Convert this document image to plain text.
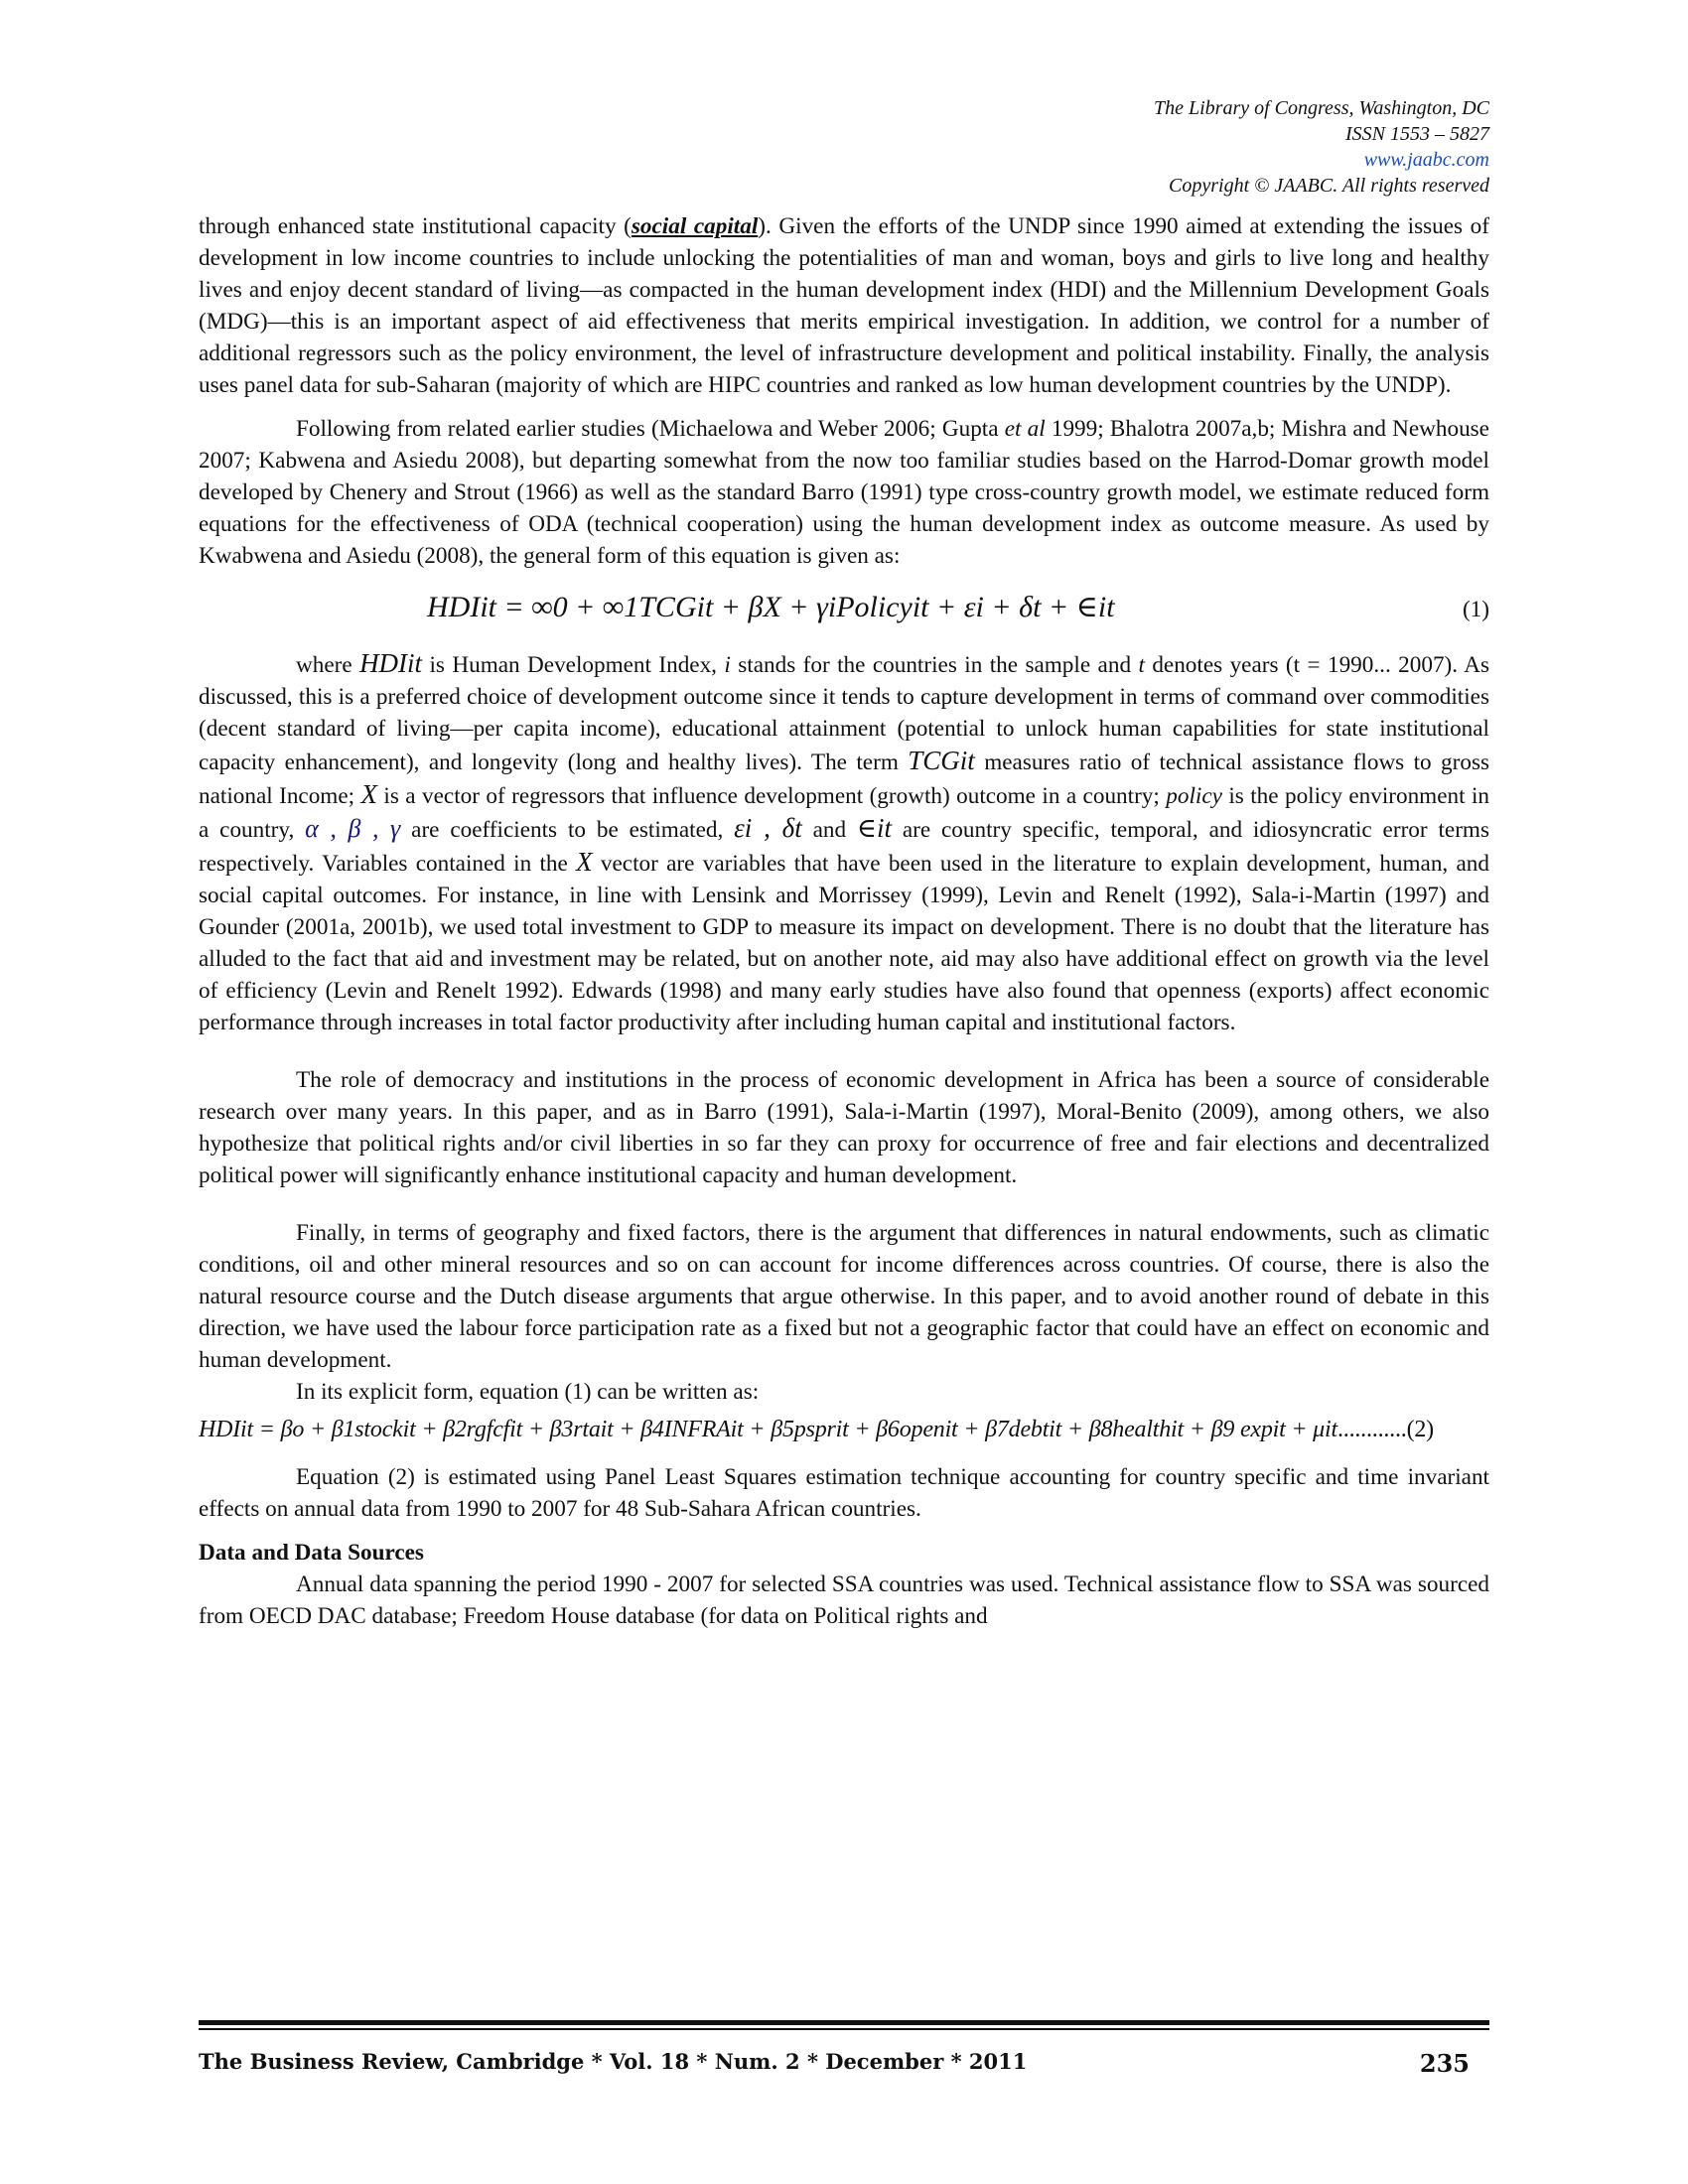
The Library of Congress, Washington, DC
ISSN 1553 – 5827
www.jaabc.com
Copyright © JAABC. All rights reserved

through enhanced state institutional capacity (social capital). Given the efforts of the UNDP since 1990 aimed at extending the issues of development in low income countries to include unlocking the potentialities of man and woman, boys and girls to live long and healthy lives and enjoy decent standard of living—as compacted in the human development index (HDI) and the Millennium Development Goals (MDG)—this is an important aspect of aid effectiveness that merits empirical investigation. In addition, we control for a number of additional regressors such as the policy environment, the level of infrastructure development and political instability. Finally, the analysis uses panel data for sub-Saharan (majority of which are HIPC countries and ranked as low human development countries by the UNDP).

Following from related earlier studies (Michaelowa and Weber 2006; Gupta et al 1999; Bhalotra 2007a,b; Mishra and Newhouse 2007; Kabwena and Asiedu 2008), but departing somewhat from the now too familiar studies based on the Harrod-Domar growth model developed by Chenery and Strout (1966) as well as the standard Barro (1991) type cross-country growth model, we estimate reduced form equations for the effectiveness of ODA (technical cooperation) using the human development index as outcome measure. As used by Kwabwena and Asiedu (2008), the general form of this equation is given as:

HDIit = ∞0 + ∞1TCGit + βX + γiPolicyit + εi + δt + ∈it	(1)

where HDIit is Human Development Index, i stands for the countries in the sample and t denotes years (t = 1990... 2007). As discussed, this is a preferred choice of development outcome since it tends to capture development in terms of command over commodities (decent standard of living—per capita income), educational attainment (potential to unlock human capabilities for state institutional capacity enhancement), and longevity (long and healthy lives). The term TCGit measures ratio of technical assistance flows to gross national Income; X is a vector of regressors that influence development (growth) outcome in a country; policy is the policy environment in a country, α , β , γ are coefficients to be estimated, εi , δt and ∈it are country specific, temporal, and idiosyncratic error terms respectively. Variables contained in the X vector are variables that have been used in the literature to explain development, human, and social capital outcomes. For instance, in line with Lensink and Morrissey (1999), Levin and Renelt (1992), Sala-i-Martin (1997) and Gounder (2001a, 2001b), we used total investment to GDP to measure its impact on development. There is no doubt that the literature has alluded to the fact that aid and investment may be related, but on another note, aid may also have additional effect on growth via the level of efficiency (Levin and Renelt 1992). Edwards (1998) and many early studies have also found that openness (exports) affect economic performance through increases in total factor productivity after including human capital and institutional factors.

The role of democracy and institutions in the process of economic development in Africa has been a source of considerable research over many years. In this paper, and as in Barro (1991), Sala-i-Martin (1997), Moral-Benito (2009), among others, we also hypothesize that political rights and/or civil liberties in so far they can proxy for occurrence of free and fair elections and decentralized political power will significantly enhance institutional capacity and human development.

Finally, in terms of geography and fixed factors, there is the argument that differences in natural endowments, such as climatic conditions, oil and other mineral resources and so on can account for income differences across countries. Of course, there is also the natural resource course and the Dutch disease arguments that argue otherwise. In this paper, and to avoid another round of debate in this direction, we have used the labour force participation rate as a fixed but not a geographic factor that could have an effect on economic and human development.

In its explicit form, equation (1) can be written as:

HDIit = βo + β1stockit + β2rgfcfit + β3rtait + β4INFRAit + β5psprit + β6openit + β7debtit + β8healthit + β9 expit + μit............(2)

Equation (2) is estimated using Panel Least Squares estimation technique accounting for country specific and time invariant effects on annual data from 1990 to 2007 for 48 Sub-Sahara African countries.

Data and Data Sources

Annual data spanning the period 1990 - 2007 for selected SSA countries was used. Technical assistance flow to SSA was sourced from OECD DAC database; Freedom House database (for data on Political rights and

The Business Review, Cambridge * Vol. 18 * Num. 2 * December * 2011	235
